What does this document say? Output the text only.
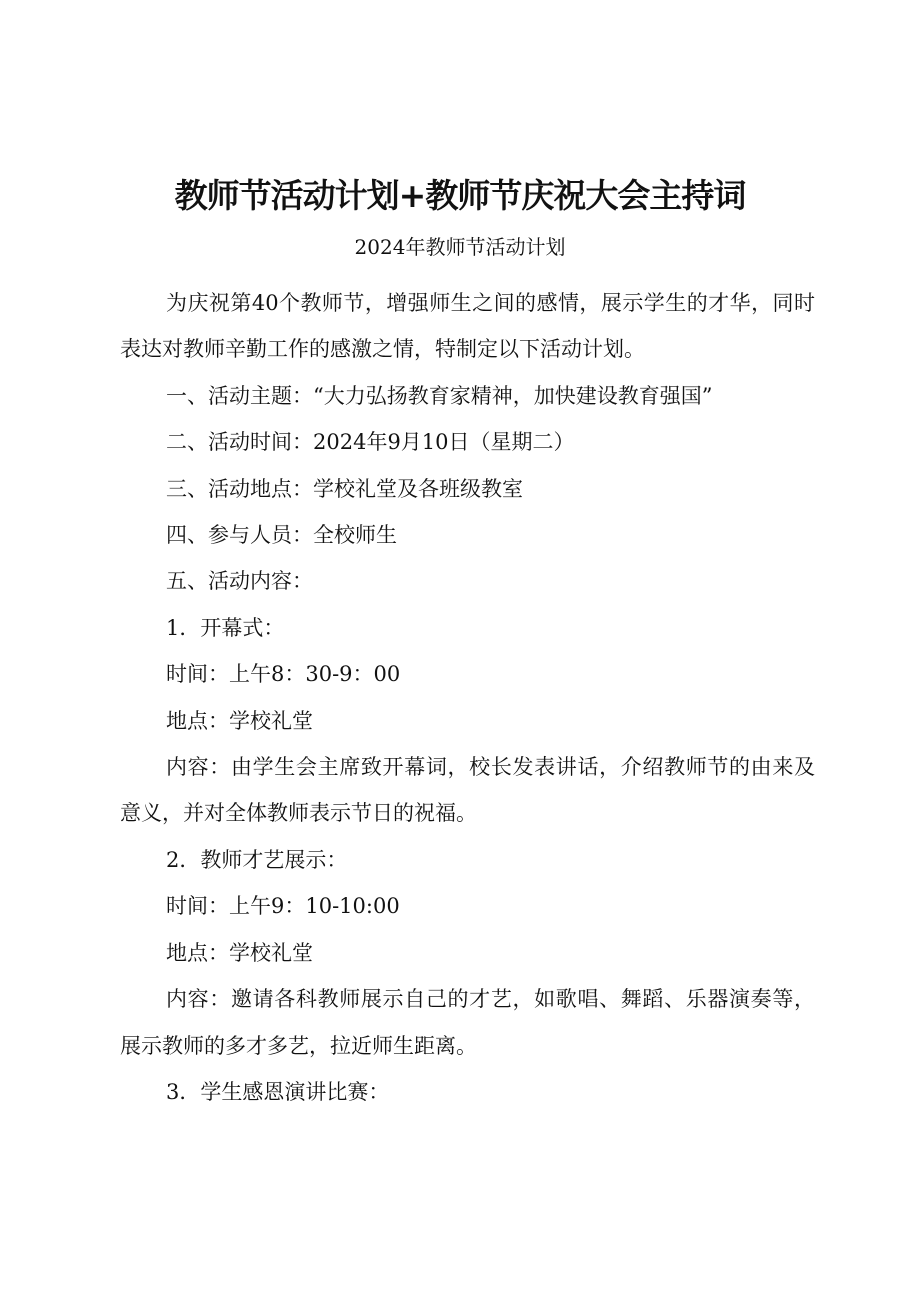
教师节活动计划+教师节庆祝大会主持词
2024年教师节活动计划

为庆祝第40个教师节，增强师生之间的感情，展示学生的才华，同时表达对教师辛勤工作的感激之情，特制定以下活动计划。

一、活动主题：“大力弘扬教育家精神，加快建设教育强国”

二、活动时间：2024年9月10日（星期二）

三、活动地点：学校礼堂及各班级教室

四、参与人员：全校师生

五、活动内容：

1．开幕式：

时间：上午8：30-9：00

地点：学校礼堂

内容：由学生会主席致开幕词，校长发表讲话，介绍教师节的由来及意义，并对全体教师表示节日的祝福。

2．教师才艺展示：

时间：上午9：10-10:00

地点：学校礼堂

内容：邀请各科教师展示自己的才艺，如歌唱、舞蹈、乐器演奏等，展示教师的多才多艺，拉近师生距离。

3．学生感恩演讲比赛：
